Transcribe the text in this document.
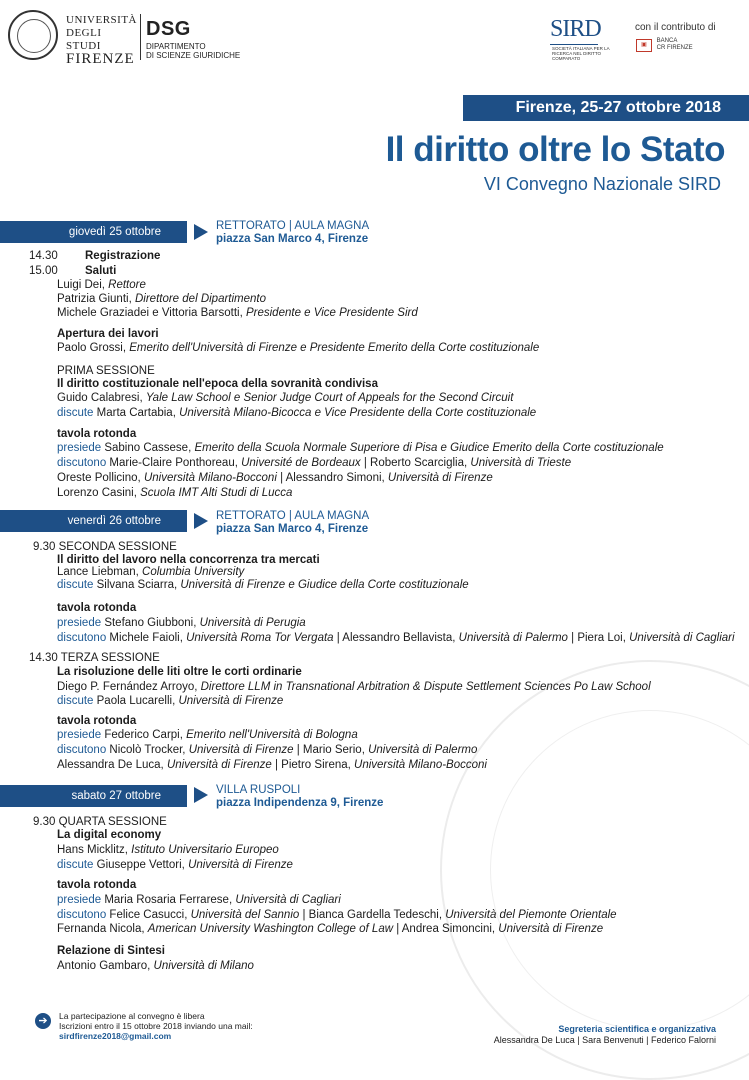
UNIVERSITÀ
DEGLI STUDI
FIRENZE
DSG
DIPARTIMENTO
DI SCIENZE GIURIDICHE
SIRD
SOCIETÀ ITALIANA PER LA RICERCA NEL DIRITTO COMPARATO
con il contributo di
▣ BANCA
CR FIRENZE
Firenze, 25-27 ottobre 2018
Il diritto oltre lo Stato
VI Convegno Nazionale SIRD
giovedì 25 ottobre	RETTORATO | AULA MAGNA
piazza San Marco 4, Firenze
14.30 Registrazione
15.00 Saluti
Luigi Dei, Rettore
Patrizia Giunti, Direttore del Dipartimento
Michele Graziadei e Vittoria Barsotti, Presidente e Vice Presidente Sird
Apertura dei lavori
Paolo Grossi, Emerito dell'Università di Firenze e Presidente Emerito della Corte costituzionale
PRIMA SESSIONE
Il diritto costituzionale nell'epoca della sovranità condivisa
Guido Calabresi, Yale Law School e Senior Judge Court of Appeals for the Second Circuit
discute Marta Cartabia, Università Milano-Bicocca e Vice Presidente della Corte costituzionale
tavola rotonda
presiede Sabino Cassese, Emerito della Scuola Normale Superiore di Pisa e Giudice Emerito della Corte costituzionale
discutono Marie-Claire Ponthoreau, Université de Bordeaux | Roberto Scarciglia, Università di Trieste
Oreste Pollicino, Università Milano-Bocconi | Alessandro Simoni, Università di Firenze
Lorenzo Casini, Scuola IMT Alti Studi di Lucca
venerdì 26 ottobre	RETTORATO | AULA MAGNA
piazza San Marco 4, Firenze
9.30 SECONDA SESSIONE
Il diritto del lavoro nella concorrenza tra mercati
Lance Liebman, Columbia University
discute Silvana Sciarra, Università di Firenze e Giudice della Corte costituzionale
tavola rotonda
presiede Stefano Giubboni, Università di Perugia
discutono Michele Faioli, Università Roma Tor Vergata | Alessandro Bellavista, Università di Palermo | Piera Loi, Università di Cagliari
14.30 TERZA SESSIONE
La risoluzione delle liti oltre le corti ordinarie
Diego P. Fernández Arroyo, Direttore LLM in Transnational Arbitration & Dispute Settlement Sciences Po Law School
discute Paola Lucarelli, Università di Firenze
tavola rotonda
presiede Federico Carpi, Emerito nell'Università di Bologna
discutono Nicolò Trocker, Università di Firenze | Mario Serio, Università di Palermo
Alessandra De Luca, Università di Firenze | Pietro Sirena, Università Milano-Bocconi
sabato 27 ottobre	VILLA RUSPOLI
piazza Indipendenza 9, Firenze
9.30 QUARTA SESSIONE
La digital economy
Hans Micklitz, Istituto Universitario Europeo
discute Giuseppe Vettori, Università di Firenze
tavola rotonda
presiede Maria Rosaria Ferrarese, Università di Cagliari
discutono Felice Casucci, Università del Sannio | Bianca Gardella Tedeschi, Università del Piemonte Orientale
Fernanda Nicola, American University Washington College of Law | Andrea Simoncini, Università di Firenze
Relazione di Sintesi
Antonio Gambaro, Università di Milano
➔	La partecipazione al convegno è libera
Iscrizioni entro il 15 ottobre 2018 inviando una mail:
sirdfirenze2018@gmail.com
Segreteria scientifica e organizzativa
Alessandra De Luca | Sara Benvenuti | Federico Falorni
